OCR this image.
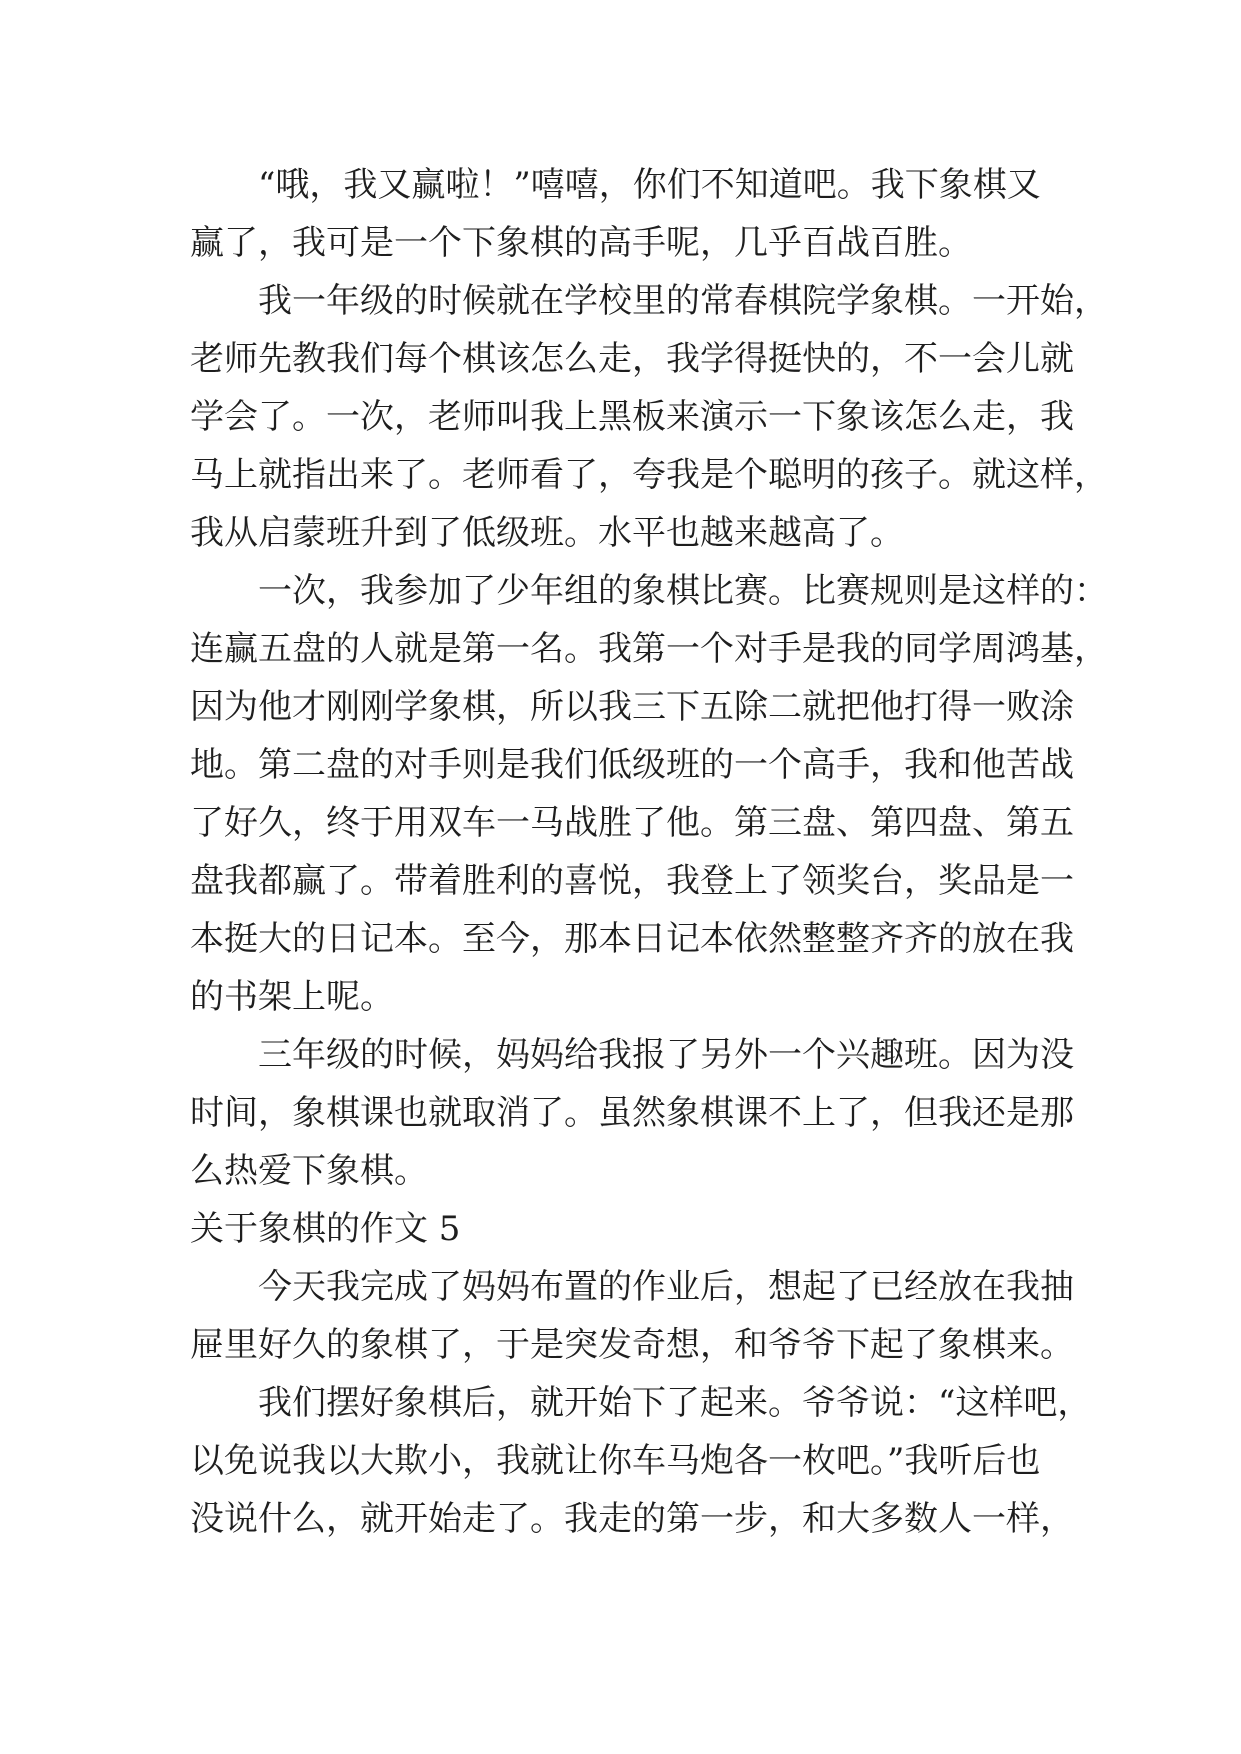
“哦，我又赢啦！”嘻嘻，你们不知道吧。我下象棋又
赢了，我可是一个下象棋的高手呢，几乎百战百胜。
我一年级的时候就在学校里的常春棋院学象棋。一开始，
老师先教我们每个棋该怎么走，我学得挺快的，不一会儿就
学会了。一次，老师叫我上黑板来演示一下象该怎么走，我
马上就指出来了。老师看了，夸我是个聪明的孩子。就这样，
我从启蒙班升到了低级班。水平也越来越高了。
一次，我参加了少年组的象棋比赛。比赛规则是这样的：
连赢五盘的人就是第一名。我第一个对手是我的同学周鸿基，
因为他才刚刚学象棋，所以我三下五除二就把他打得一败涂
地。第二盘的对手则是我们低级班的一个高手，我和他苦战
了好久，终于用双车一马战胜了他。第三盘、第四盘、第五
盘我都赢了。带着胜利的喜悦，我登上了领奖台，奖品是一
本挺大的日记本。至今，那本日记本依然整整齐齐的放在我
的书架上呢。
三年级的时候，妈妈给我报了另外一个兴趣班。因为没
时间，象棋课也就取消了。虽然象棋课不上了，但我还是那
么热爱下象棋。
关于象棋的作文 5
今天我完成了妈妈布置的作业后，想起了已经放在我抽
屉里好久的象棋了，于是突发奇想，和爷爷下起了象棋来。
我们摆好象棋后，就开始下了起来。爷爷说：“这样吧，
以免说我以大欺小，我就让你车马炮各一枚吧。”我听后也
没说什么，就开始走了。我走的第一步，和大多数人一样，
